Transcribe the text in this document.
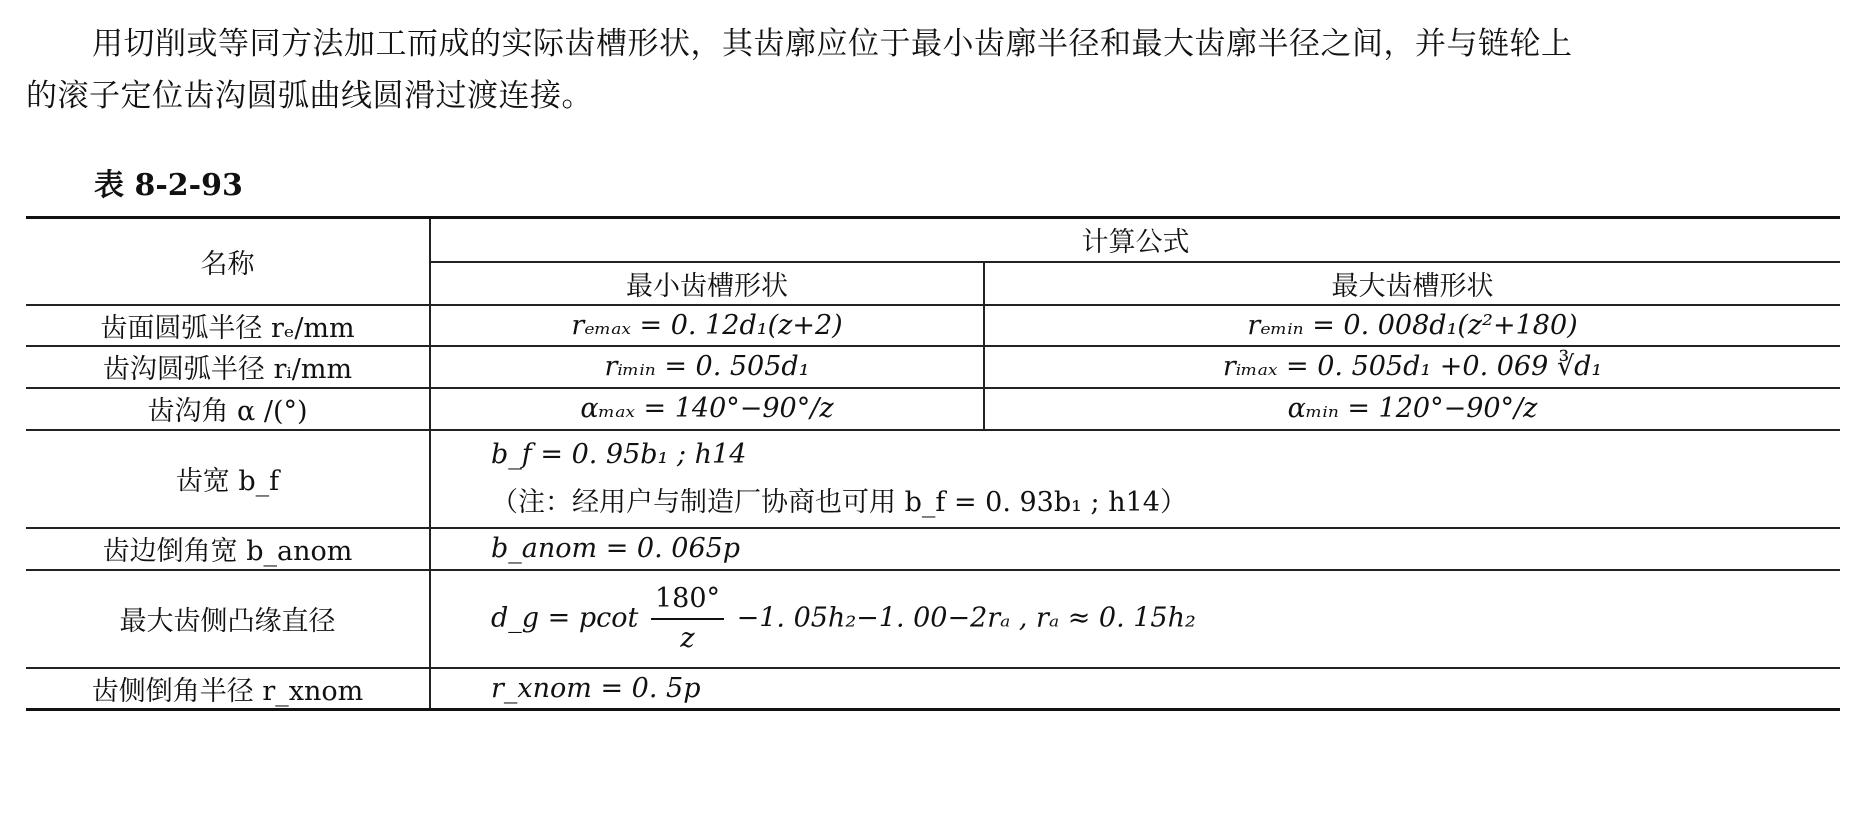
用切削或等同方法加工而成的实际齿槽形状，其齿廓应位于最小齿廓半径和最大齿廓半径之间，并与链轮上
的滚子定位齿沟圆弧曲线圆滑过渡连接。
表 8-2-93
名称	计算公式	
	最小齿槽形状	最大齿槽形状
齿面圆弧半径 rₑ/mm	rₑₘₐₓ = 0. 12d₁(z+2)	rₑₘᵢₙ = 0. 008d₁(z²+180)
齿沟圆弧半径 rᵢ/mm	rᵢₘᵢₙ = 0. 505d₁	rᵢₘₐₓ = 0. 505d₁ +0. 069 ∛d₁
齿沟角 α /(°)	αₘₐₓ = 140°−90°/z	αₘᵢₙ = 120°−90°/z
齿宽 b_f	b_f = 0. 95b₁ ; h14
（注：经用户与制造厂协商也可用 b_f = 0. 93b₁ ; h14）	

齿边倒角宽 b_anom	b_anom = 0. 065p	
最大齿侧凸缘直径	d_g = pcot $\frac{180^\circ}{z} -1$. 05h₂−1. 00−2rₐ , rₐ ≈ 0. 15h₂	
齿侧倒角半径 r_xnom	r_xnom = 0. 5p	
